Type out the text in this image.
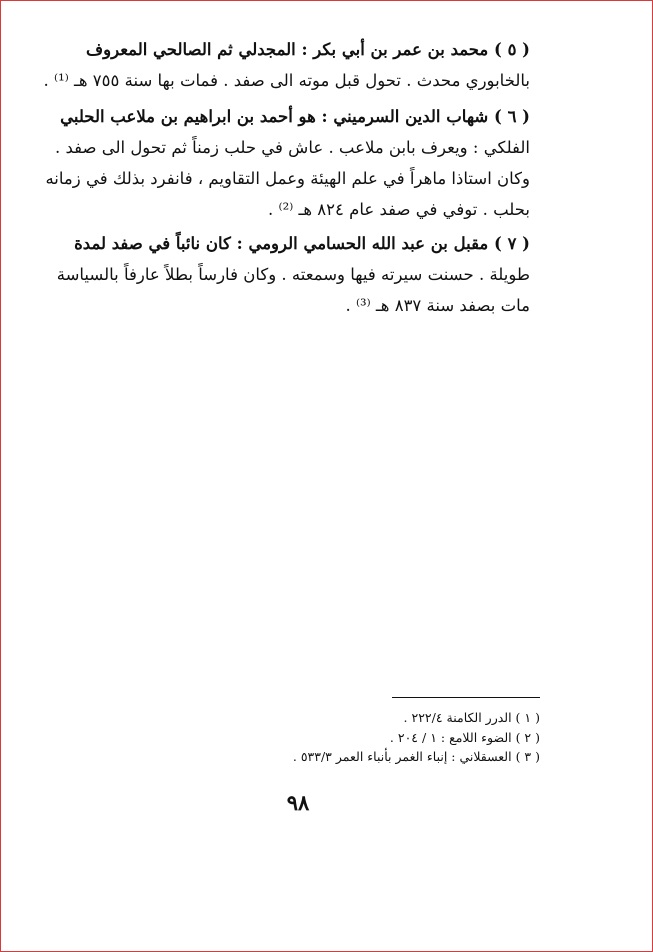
( ٥ ) محمد بن عمر بن أبي بكر : المجدلي ثم الصالحي المعروف
بالخابوري محدث . تحول قبل موته الى صفد . فمات بها سنة ٧٥٥ هـ ⁽¹⁾ .
( ٦ ) شهاب الدين السرميني : هو أحمد بن ابراهيم بن ملاعب الحلبي
الفلكي : ويعرف بابن ملاعب . عاش في حلب زمناً ثم تحول الى صفد .
وكان استاذا ماهراً في علم الهيئة وعمل التقاويم ، فانفرد بذلك في زمانه
بحلب . توفي في صفد عام ٨٢٤ هـ ⁽²⁾ .
( ٧ ) مقبل بن عبد الله الحسامي الرومي : كان نائباً في صفد لمدة
طويلة . حسنت سيرته فيها وسمعته . وكان فارساً بطلاً عارفاً بالسياسة
مات بصفد سنة ٨٣٧ هـ ⁽³⁾ .
( ١ ) الدرر الكامنة ٢٢٢/٤ .
( ٢ ) الضوء اللامع : ١ / ٢٠٤ .
( ٣ ) العسقلاني : إنباء الغمر بأنباء العمر ٥٣٣/٣ .
٩٨
